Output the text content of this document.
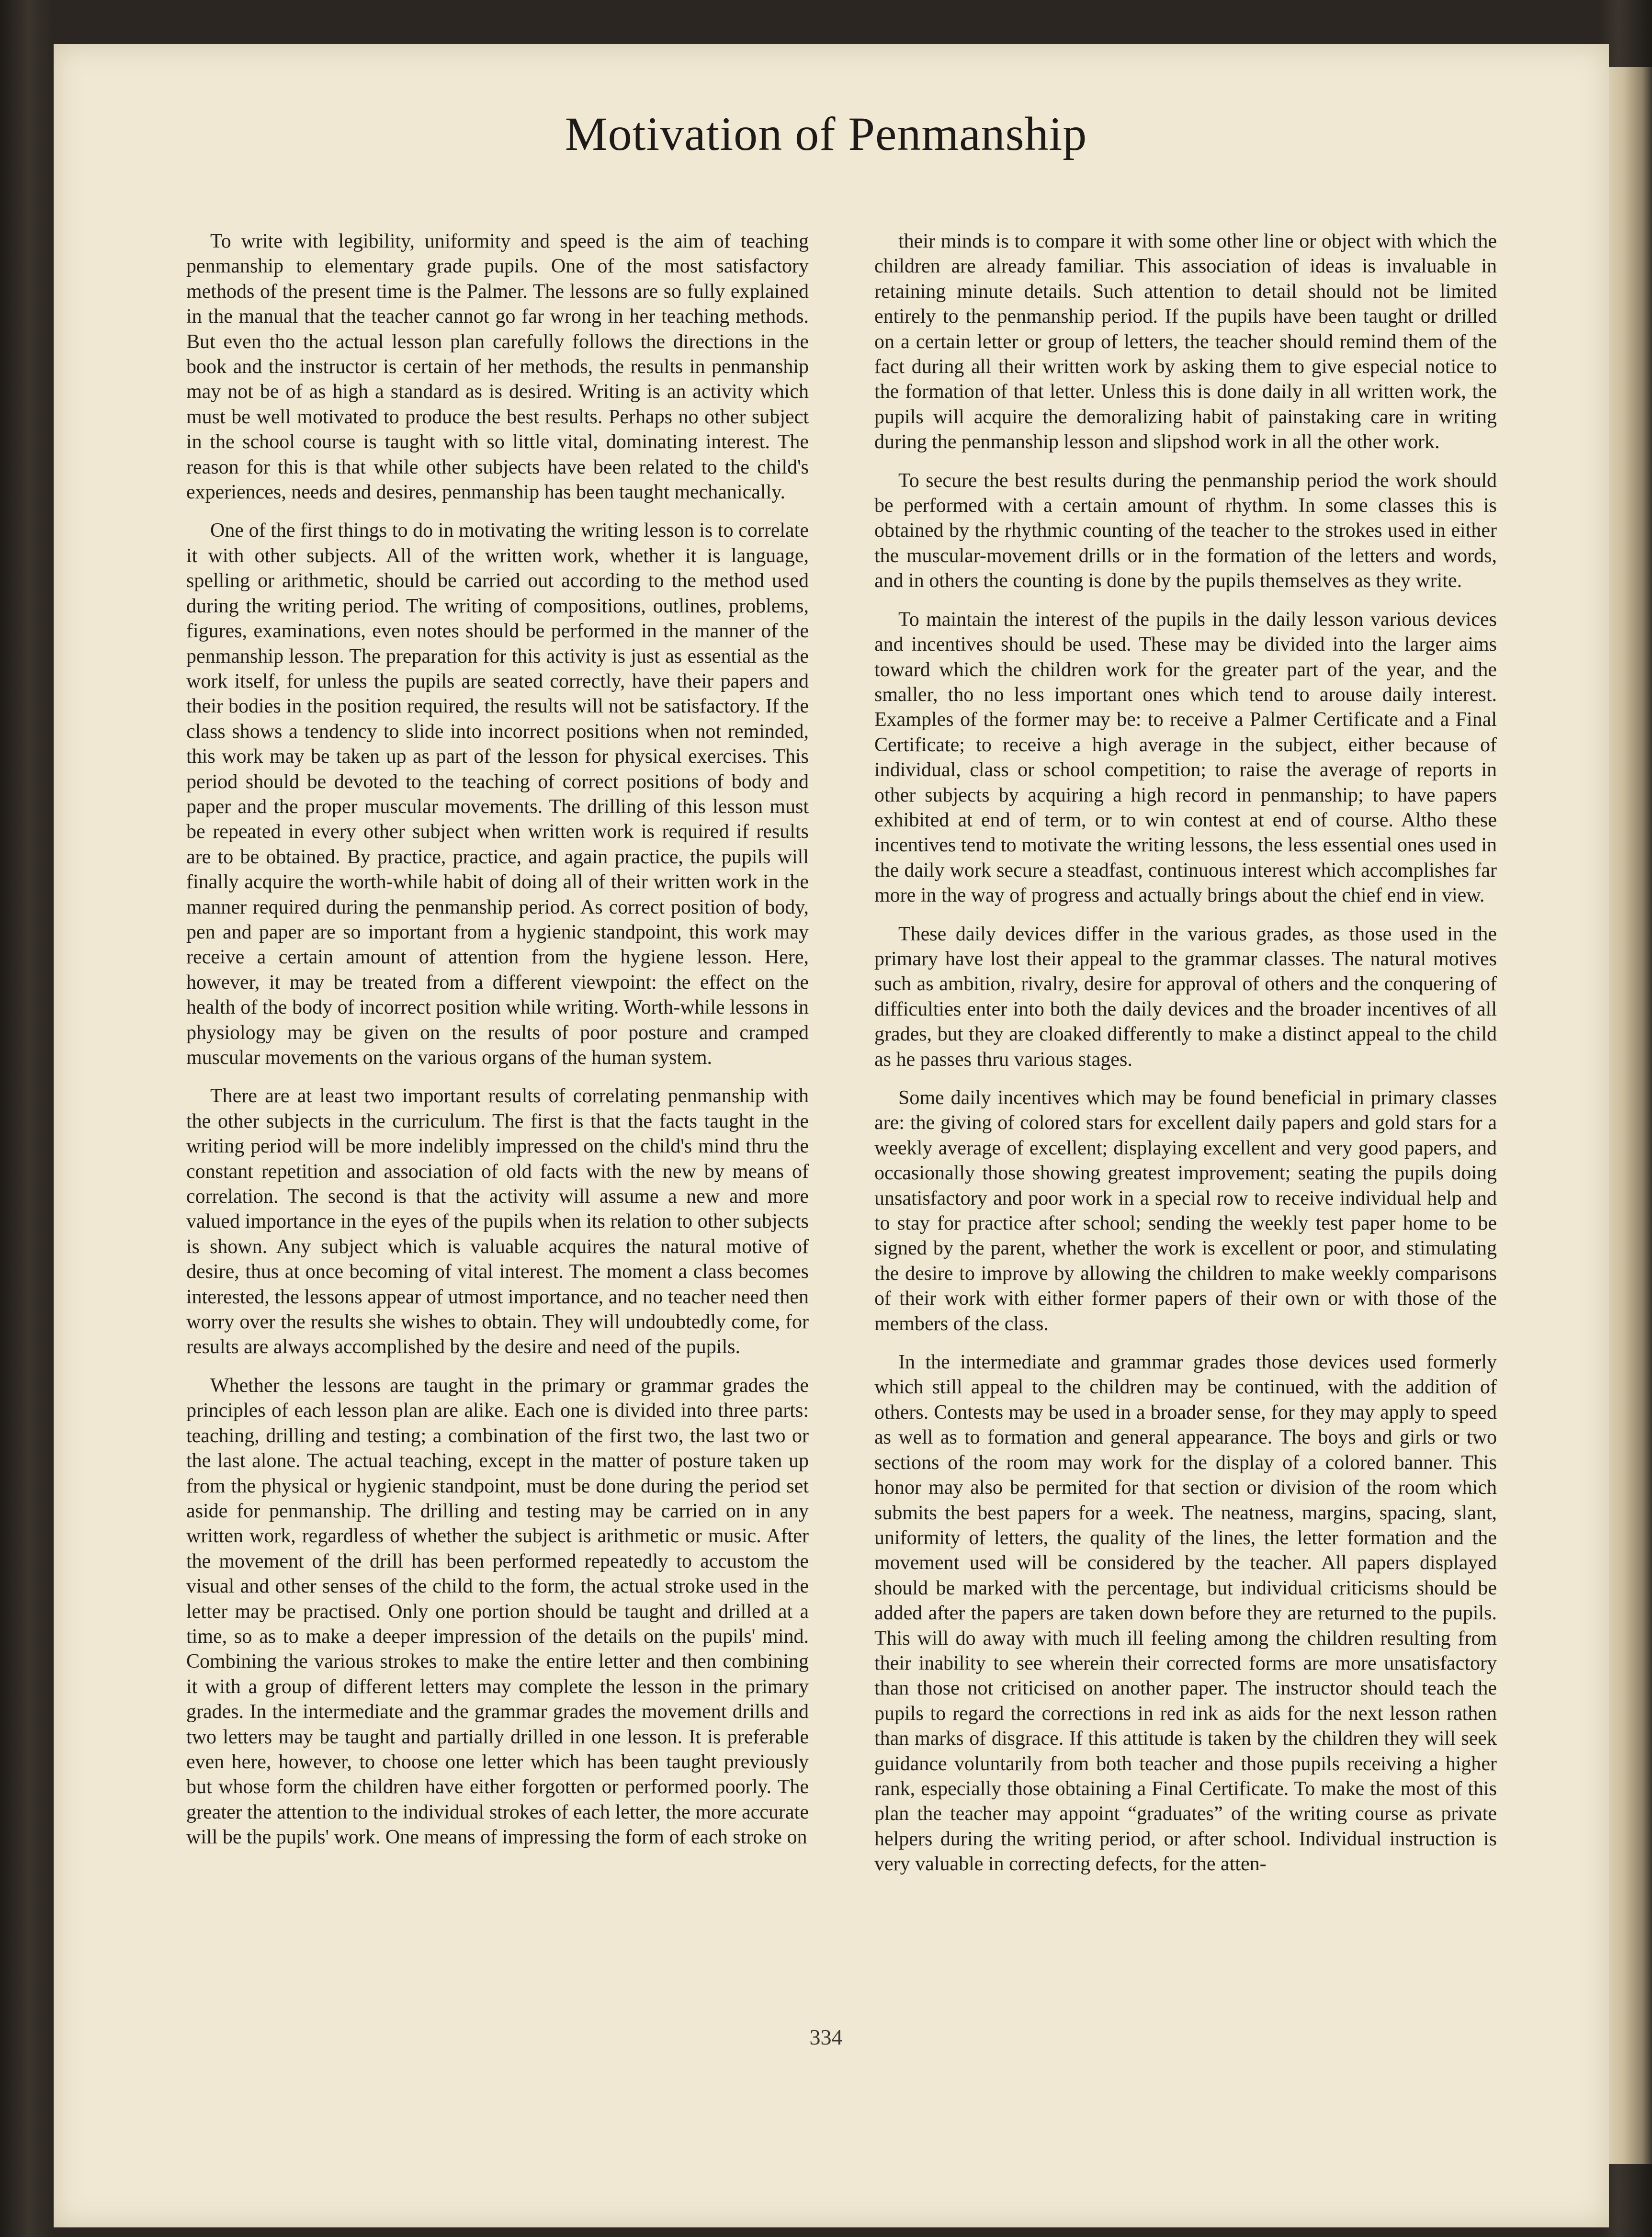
Motivation of Penmanship

To write with legibility, uniformity and speed is the aim of teaching penmanship to elementary grade pupils. One of the most satisfactory methods of the present time is the Palmer. The lessons are so fully explained in the manual that the teacher cannot go far wrong in her teaching methods. But even tho the actual lesson plan carefully follows the directions in the book and the instructor is certain of her methods, the results in penmanship may not be of as high a standard as is desired. Writing is an activity which must be well motivated to produce the best results. Perhaps no other subject in the school course is taught with so little vital, dominating interest. The reason for this is that while other subjects have been related to the child's experiences, needs and desires, penmanship has been taught mechanically.

One of the first things to do in motivating the writing lesson is to correlate it with other subjects. All of the written work, whether it is language, spelling or arithmetic, should be carried out according to the method used during the writing period. The writing of compositions, outlines, problems, figures, examinations, even notes should be performed in the manner of the penmanship lesson. The preparation for this activity is just as essential as the work itself, for unless the pupils are seated correctly, have their papers and their bodies in the position required, the results will not be satisfactory. If the class shows a tendency to slide into incorrect positions when not reminded, this work may be taken up as part of the lesson for physical exercises. This period should be devoted to the teaching of correct positions of body and paper and the proper muscular movements. The drilling of this lesson must be repeated in every other subject when written work is required if results are to be obtained. By practice, practice, and again practice, the pupils will finally acquire the worth-while habit of doing all of their written work in the manner required during the penmanship period. As correct position of body, pen and paper are so important from a hygienic standpoint, this work may receive a certain amount of attention from the hygiene lesson. Here, however, it may be treated from a different viewpoint: the effect on the health of the body of incorrect position while writing. Worth-while lessons in physiology may be given on the results of poor posture and cramped muscular movements on the various organs of the human system.

There are at least two important results of correlating penmanship with the other subjects in the curriculum. The first is that the facts taught in the writing period will be more indelibly impressed on the child's mind thru the constant repetition and association of old facts with the new by means of correlation. The second is that the activity will assume a new and more valued importance in the eyes of the pupils when its relation to other subjects is shown. Any subject which is valuable acquires the natural motive of desire, thus at once becoming of vital interest. The moment a class becomes interested, the lessons appear of utmost importance, and no teacher need then worry over the results she wishes to obtain. They will undoubtedly come, for results are always accomplished by the desire and need of the pupils.

Whether the lessons are taught in the primary or grammar grades the principles of each lesson plan are alike. Each one is divided into three parts: teaching, drilling and testing; a combination of the first two, the last two or the last alone. The actual teaching, except in the matter of posture taken up from the physical or hygienic standpoint, must be done during the period set aside for penmanship. The drilling and testing may be carried on in any written work, regardless of whether the subject is arithmetic or music. After the movement of the drill has been performed repeatedly to accustom the visual and other senses of the child to the form, the actual stroke used in the letter may be practised. Only one portion should be taught and drilled at a time, so as to make a deeper impression of the details on the pupils' mind. Combining the various strokes to make the entire letter and then combining it with a group of different letters may complete the lesson in the primary grades. In the intermediate and the grammar grades the movement drills and two letters may be taught and partially drilled in one lesson. It is preferable even here, however, to choose one letter which has been taught previously but whose form the children have either forgotten or performed poorly. The greater the attention to the individual strokes of each letter, the more accurate will be the pupils' work. One means of impressing the form of each stroke on

their minds is to compare it with some other line or object with which the children are already familiar. This association of ideas is invaluable in retaining minute details. Such attention to detail should not be limited entirely to the penmanship period. If the pupils have been taught or drilled on a certain letter or group of letters, the teacher should remind them of the fact during all their written work by asking them to give especial notice to the formation of that letter. Unless this is done daily in all written work, the pupils will acquire the demoralizing habit of painstaking care in writing during the penmanship lesson and slipshod work in all the other work.

To secure the best results during the penmanship period the work should be performed with a certain amount of rhythm. In some classes this is obtained by the rhythmic counting of the teacher to the strokes used in either the muscular-movement drills or in the formation of the letters and words, and in others the counting is done by the pupils themselves as they write.

To maintain the interest of the pupils in the daily lesson various devices and incentives should be used. These may be divided into the larger aims toward which the children work for the greater part of the year, and the smaller, tho no less important ones which tend to arouse daily interest. Examples of the former may be: to receive a Palmer Certificate and a Final Certificate; to receive a high average in the subject, either because of individual, class or school competition; to raise the average of reports in other subjects by acquiring a high record in penmanship; to have papers exhibited at end of term, or to win contest at end of course. Altho these incentives tend to motivate the writing lessons, the less essential ones used in the daily work secure a steadfast, continuous interest which accomplishes far more in the way of progress and actually brings about the chief end in view.

These daily devices differ in the various grades, as those used in the primary have lost their appeal to the grammar classes. The natural motives such as ambition, rivalry, desire for approval of others and the conquering of difficulties enter into both the daily devices and the broader incentives of all grades, but they are cloaked differently to make a distinct appeal to the child as he passes thru various stages.

Some daily incentives which may be found beneficial in primary classes are: the giving of colored stars for excellent daily papers and gold stars for a weekly average of excellent; displaying excellent and very good papers, and occasionally those showing greatest improvement; seating the pupils doing unsatisfactory and poor work in a special row to receive individual help and to stay for practice after school; sending the weekly test paper home to be signed by the parent, whether the work is excellent or poor, and stimulating the desire to improve by allowing the children to make weekly comparisons of their work with either former papers of their own or with those of the members of the class.

In the intermediate and grammar grades those devices used formerly which still appeal to the children may be continued, with the addition of others. Contests may be used in a broader sense, for they may apply to speed as well as to formation and general appearance. The boys and girls or two sections of the room may work for the display of a colored banner. This honor may also be permited for that section or division of the room which submits the best papers for a week. The neatness, margins, spacing, slant, uniformity of letters, the quality of the lines, the letter formation and the movement used will be considered by the teacher. All papers displayed should be marked with the percentage, but individual criticisms should be added after the papers are taken down before they are returned to the pupils. This will do away with much ill feeling among the children resulting from their inability to see wherein their corrected forms are more unsatisfactory than those not criticised on another paper. The instructor should teach the pupils to regard the corrections in red ink as aids for the next lesson rathen than marks of disgrace. If this attitude is taken by the children they will seek guidance voluntarily from both teacher and those pupils receiving a higher rank, especially those obtaining a Final Certificate. To make the most of this plan the teacher may appoint “graduates” of the writing course as private helpers during the writing period, or after school. Individual instruction is very valuable in correcting defects, for the atten-

334
